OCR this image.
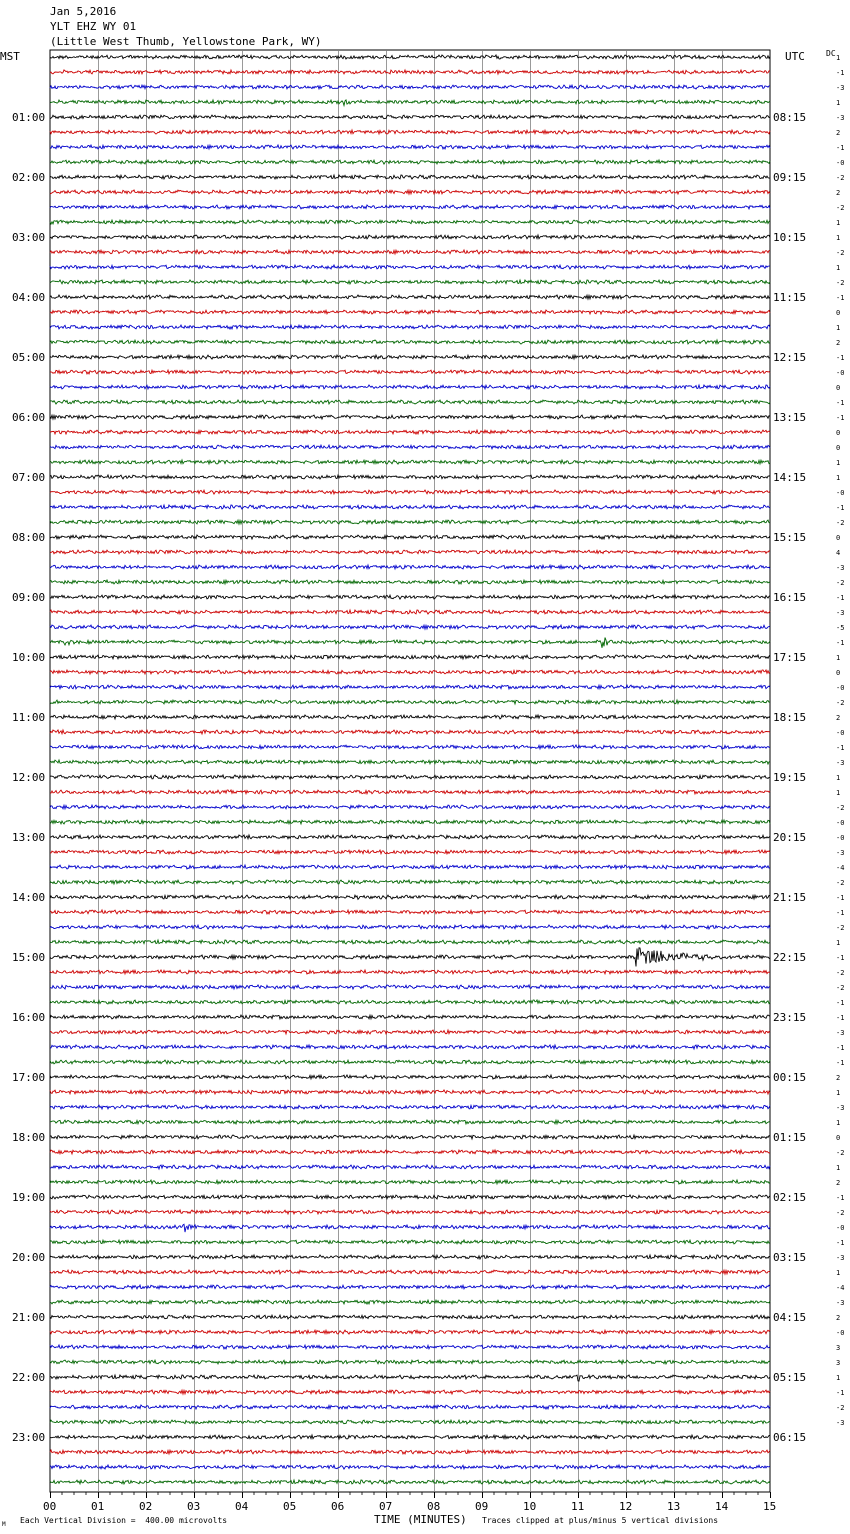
Jan 5,2016
YLT EHZ WY 01
(Little West Thumb, Yellowstone Park, WY)
MST	UTC	DC
01:00	08:15
02:00	09:15
03:00	10:15
04:00	11:15
05:00	12:15
06:00	13:15
07:00	14:15
08:00	15:15
09:00	16:15
10:00	17:15
11:00	18:15
12:00	19:15
13:00	20:15
14:00	21:15
15:00	22:15
16:00	23:15
17:00	00:15
18:00	01:15
19:00	02:15
20:00	03:15
21:00	04:15
22:00	05:15
23:00	06:15
1
-1
-3
1
-3
2
-1
-0
-2
2
-2
1
1
-2
1
-2
-1
0
1
2
-1
-0
0
-1
-1
0
0
1
1
-0
-1
-2
0
4
-3
-2
-1
-3
-5
-1
1
0
-0
-2
2
-0
-1
-3
1
1
-2
-0
-0
-3
-4
-2
-1
-1
-2
1
-1
-2
-2
-1
-1
-3
-1
-1
2
1
-3
1
0
-2
1
2
-1
-2
-0
-1
-3
1
-4
-3
2
-0
3
3
1
-1
-2
-3
00	01	02	03	04	05	06	07	08	09	10	11	12	13	14	15
M Each Vertical Division =  400.00 microvolts	TIME (MINUTES) Traces clipped at plus/minus 5 vertical divisions
